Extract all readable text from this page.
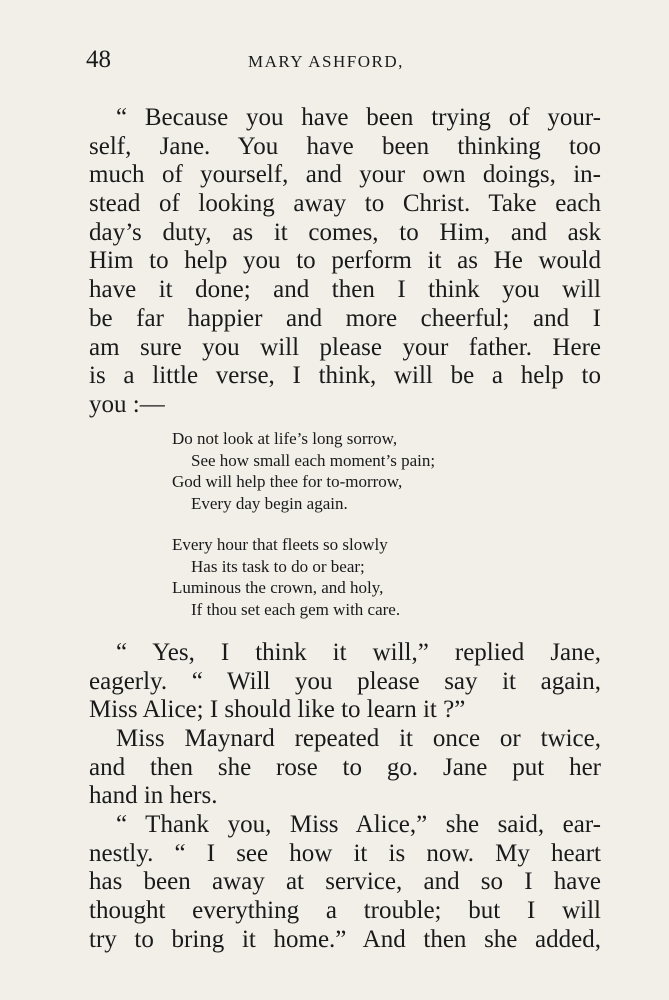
48	MARY ASHFORD,
“ Because you have been trying of your-
self, Jane. You have been thinking too
much of yourself, and your own doings, in-
stead of looking away to Christ. Take each
day’s duty, as it comes, to Him, and ask
Him to help you to perform it as He would
have it done; and then I think you will
be far happier and more cheerful; and I
am sure you will please your father. Here
is a little verse, I think, will be a help to
you :—
Do not look at life’s long sorrow,
See how small each moment’s pain;
God will help thee for to-morrow,
Every day begin again.
Every hour that fleets so slowly
Has its task to do or bear;
Luminous the crown, and holy,
If thou set each gem with care.
“ Yes, I think it will,” replied Jane,
eagerly. “ Will you please say it again,
Miss Alice; I should like to learn it ?”
Miss Maynard repeated it once or twice,
and then she rose to go. Jane put her
hand in hers.
“ Thank you, Miss Alice,” she said, ear-
nestly. “ I see how it is now. My heart
has been away at service, and so I have
thought everything a trouble; but I will
try to bring it home.” And then she added,
